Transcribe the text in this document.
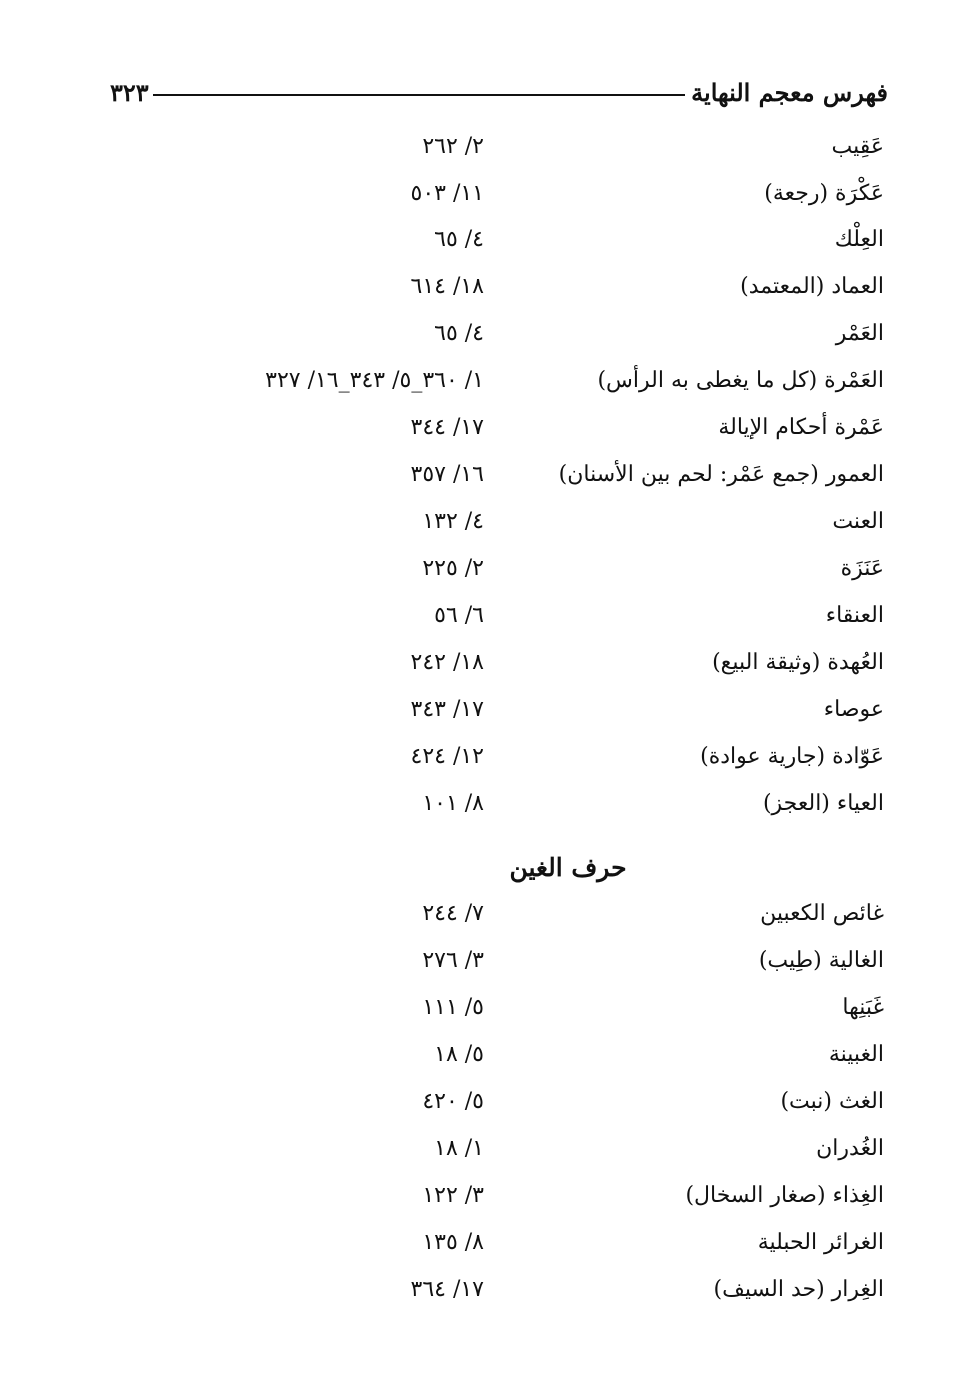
فهرس معجم النهاية
٣٢٣
عَقِيب
٢/ ٢٦٢
عَكْرَة (رجعة)
١١/ ٥٠٣
العِلْك
٤/ ٦٥
العماد (المعتمد)
١٨/ ٦١٤
العَمْر
٤/ ٦٥
العَمْرة (كل ما يغطى به الرأس)
١/ ٣٦٠_٥/ ٣٤٣_١٦/ ٣٢٧
عَمْرة أحكام الإيالة
١٧/ ٣٤٤
العمور (جمع عَمْر: لحم بين الأسنان)
١٦/ ٣٥٧
العنت
٤/ ١٣٢
عَنَزَة
٢/ ٢٢٥
العنقاء
٦/ ٥٦
العُهدة (وثيقة البيع)
١٨/ ٢٤٢
عوصاء
١٧/ ٣٤٣
عَوّادة (جارية عوادة)
١٢/ ٤٢٤
العياء (العجز)
٨/ ١٠١
حرف الغين
غائص الكعبين
٧/ ٢٤٤
الغالية (طِيب)
٣/ ٢٧٦
غَبَنِها
٥/ ١١١
الغبينة
٥/ ١٨
الغث (نبت)
٥/ ٤٢٠
الغُدران
١/ ١٨
الغِذاء (صغار السخال)
٣/ ١٢٢
الغرائر الحبلية
٨/ ١٣٥
الغِرار (حد السيف)
١٧/ ٣٦٤
